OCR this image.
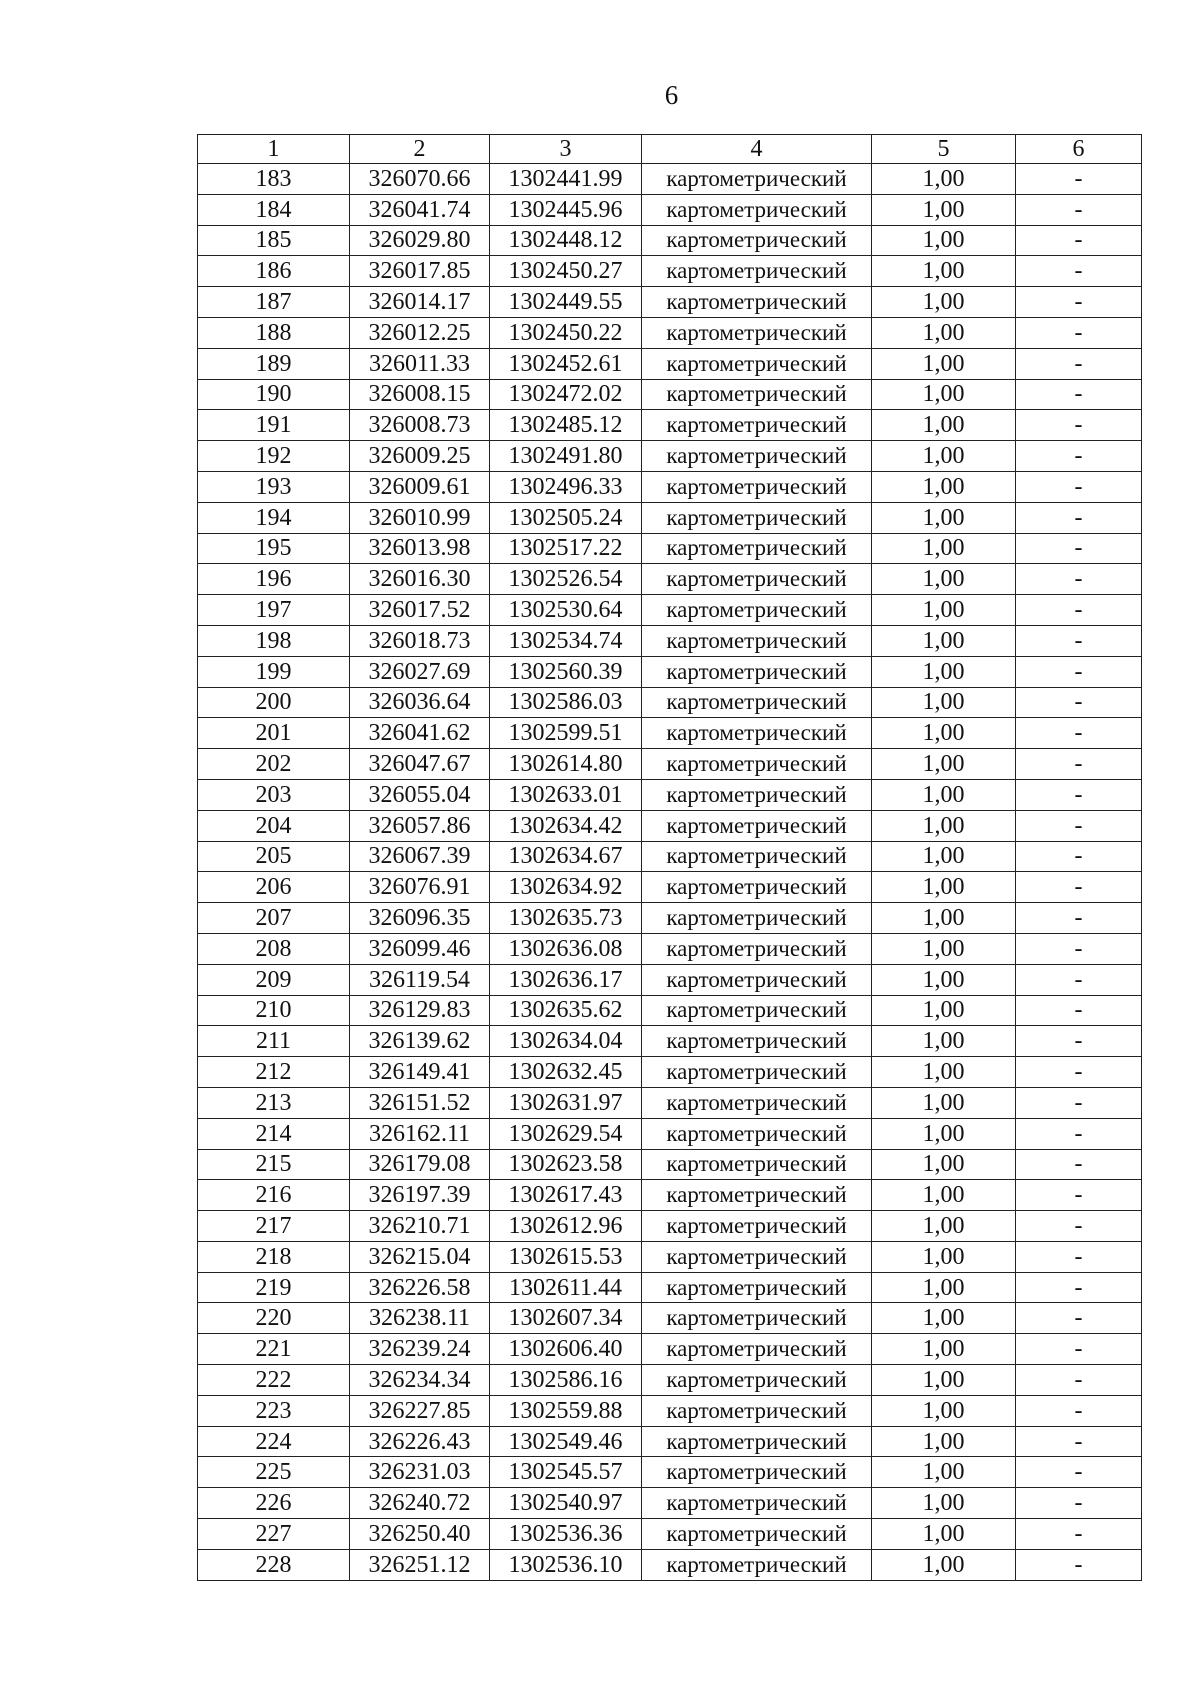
6
1	2	3	4	5	6
183	326070.66	1302441.99	картометрический	1,00	-
184	326041.74	1302445.96	картометрический	1,00	-
185	326029.80	1302448.12	картометрический	1,00	-
186	326017.85	1302450.27	картометрический	1,00	-
187	326014.17	1302449.55	картометрический	1,00	-
188	326012.25	1302450.22	картометрический	1,00	-
189	326011.33	1302452.61	картометрический	1,00	-
190	326008.15	1302472.02	картометрический	1,00	-
191	326008.73	1302485.12	картометрический	1,00	-
192	326009.25	1302491.80	картометрический	1,00	-
193	326009.61	1302496.33	картометрический	1,00	-
194	326010.99	1302505.24	картометрический	1,00	-
195	326013.98	1302517.22	картометрический	1,00	-
196	326016.30	1302526.54	картометрический	1,00	-
197	326017.52	1302530.64	картометрический	1,00	-
198	326018.73	1302534.74	картометрический	1,00	-
199	326027.69	1302560.39	картометрический	1,00	-
200	326036.64	1302586.03	картометрический	1,00	-
201	326041.62	1302599.51	картометрический	1,00	-
202	326047.67	1302614.80	картометрический	1,00	-
203	326055.04	1302633.01	картометрический	1,00	-
204	326057.86	1302634.42	картометрический	1,00	-
205	326067.39	1302634.67	картометрический	1,00	-
206	326076.91	1302634.92	картометрический	1,00	-
207	326096.35	1302635.73	картометрический	1,00	-
208	326099.46	1302636.08	картометрический	1,00	-
209	326119.54	1302636.17	картометрический	1,00	-
210	326129.83	1302635.62	картометрический	1,00	-
211	326139.62	1302634.04	картометрический	1,00	-
212	326149.41	1302632.45	картометрический	1,00	-
213	326151.52	1302631.97	картометрический	1,00	-
214	326162.11	1302629.54	картометрический	1,00	-
215	326179.08	1302623.58	картометрический	1,00	-
216	326197.39	1302617.43	картометрический	1,00	-
217	326210.71	1302612.96	картометрический	1,00	-
218	326215.04	1302615.53	картометрический	1,00	-
219	326226.58	1302611.44	картометрический	1,00	-
220	326238.11	1302607.34	картометрический	1,00	-
221	326239.24	1302606.40	картометрический	1,00	-
222	326234.34	1302586.16	картометрический	1,00	-
223	326227.85	1302559.88	картометрический	1,00	-
224	326226.43	1302549.46	картометрический	1,00	-
225	326231.03	1302545.57	картометрический	1,00	-
226	326240.72	1302540.97	картометрический	1,00	-
227	326250.40	1302536.36	картометрический	1,00	-
228	326251.12	1302536.10	картометрический	1,00	-
